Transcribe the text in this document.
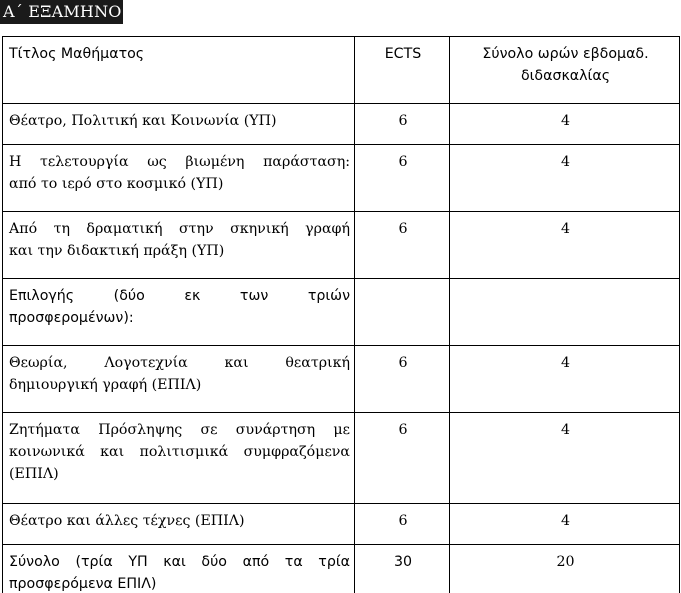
Α΄ ΕΞΑΜΗΝΟ
Τίτλος Μαθήματος	ECTS	Σύνολο ωρών εβδομαδ. διδασκαλίας

Θέατρο, Πολιτική και Κοινωνία (ΥΠ)	6	4

Η τελετουργία ως βιωμένη παράσταση:
από το ιερό στο κοσμικό (ΥΠ)	6	4

Από τη δραματική στην σκηνική γραφή
και την διδακτική πράξη (ΥΠ)	6	4

Επιλογής (δύο εκ των τριών
προσφερομένων):		

Θεωρία, Λογοτεχνία και θεατρική
δημιουργική γραφή (ΕΠΙΛ)	6	4

Ζητήματα Πρόσληψης σε συνάρτηση με
κοινωνικά και πολιτισμικά συμφραζόμενα
(ΕΠΙΛ)	6	4

Θέατρο και άλλες τέχνες (ΕΠΙΛ)	6	4

Σύνολο (τρία ΥΠ και δύο από τα τρία
προσφερόμενα ΕΠΙΛ)	30	20
